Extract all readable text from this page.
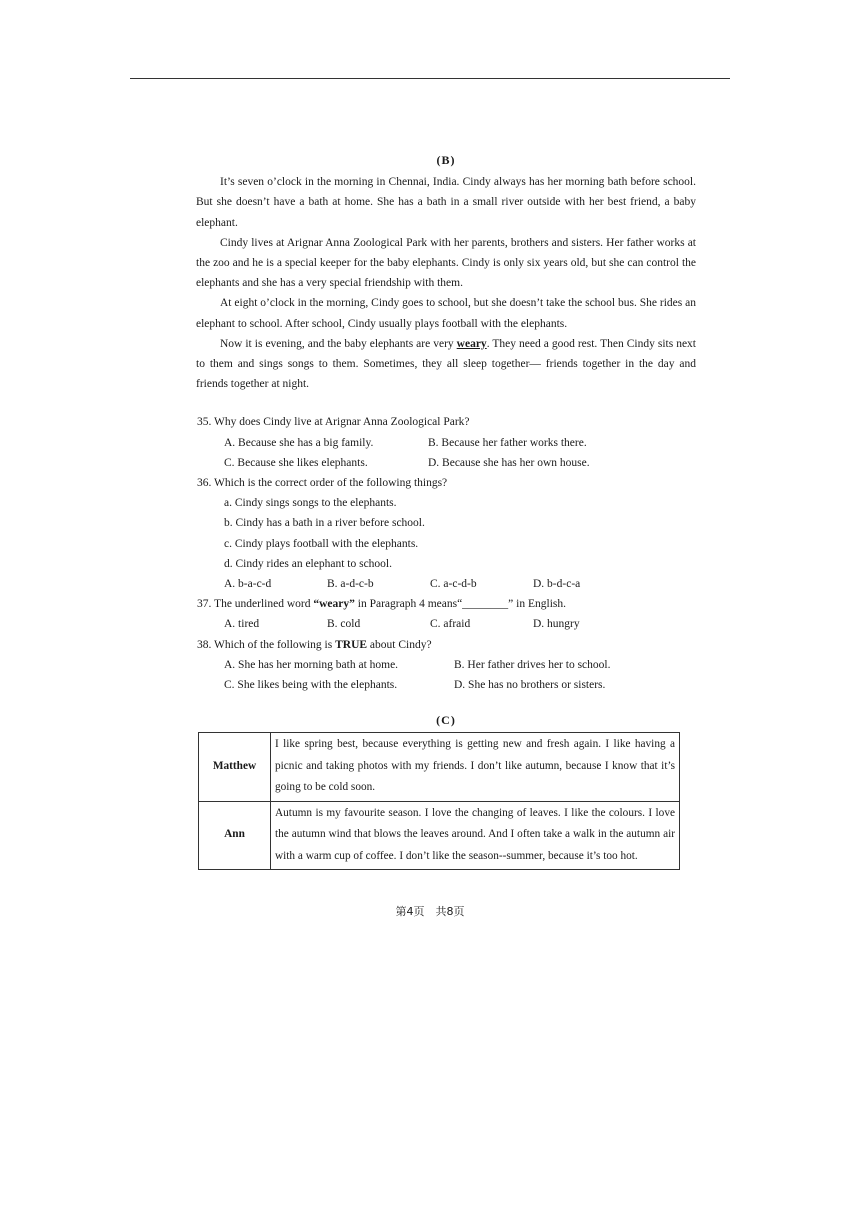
(B)

It’s seven o’clock in the morning in Chennai, India. Cindy always has her morning bath before school. But she doesn’t have a bath at home. She has a bath in a small river outside with her best friend, a baby elephant.

Cindy lives at Arignar Anna Zoological Park with her parents, brothers and sisters. Her father works at the zoo and he is a special keeper for the baby elephants. Cindy is only six years old, but she can control the elephants and she has a very special friendship with them.

At eight o’clock in the morning, Cindy goes to school, but she doesn’t take the school bus. She rides an elephant to school. After school, Cindy usually plays football with the elephants.

Now it is evening, and the baby elephants are very weary. They need a good rest. Then Cindy sits next to them and sings songs to them. Sometimes, they all sleep together— friends together in the day and friends together at night.

35. Why does Cindy live at Arignar Anna Zoological Park?

A. Because she has a big family.	B. Because her father works there.
C. Because she likes elephants.	D. Because she has her own house.

36. Which is the correct order of the following things?

a. Cindy sings songs to the elephants.

b. Cindy has a bath in a river before school.

c. Cindy plays football with the elephants.

d. Cindy rides an elephant to school.

A. b-a-c-d	B. a-d-c-b	C. a-c-d-b	D. b-d-c-a

37. The underlined word “weary” in Paragraph 4 means“________” in English.

A. tired	B. cold	C. afraid	D. hungry

38. Which of the following is TRUE about Cindy?

A. She has her morning bath at home.	B. Her father drives her to school.
C. She likes being with the elephants.	D. She has no brothers or sisters.
(C)
Matthew	I like spring best, because everything is getting new and fresh again. I like having a picnic and taking photos with my friends. I don’t like autumn, because I know that it’s going to be cold soon.
Ann	Autumn is my favourite season. I love the changing of leaves. I like the colours. I love the autumn wind that blows the leaves around. And I often take a walk in the autumn air with a warm cup of coffee. I don’t like the season--summer, because it’s too hot.
第4页　共8页
